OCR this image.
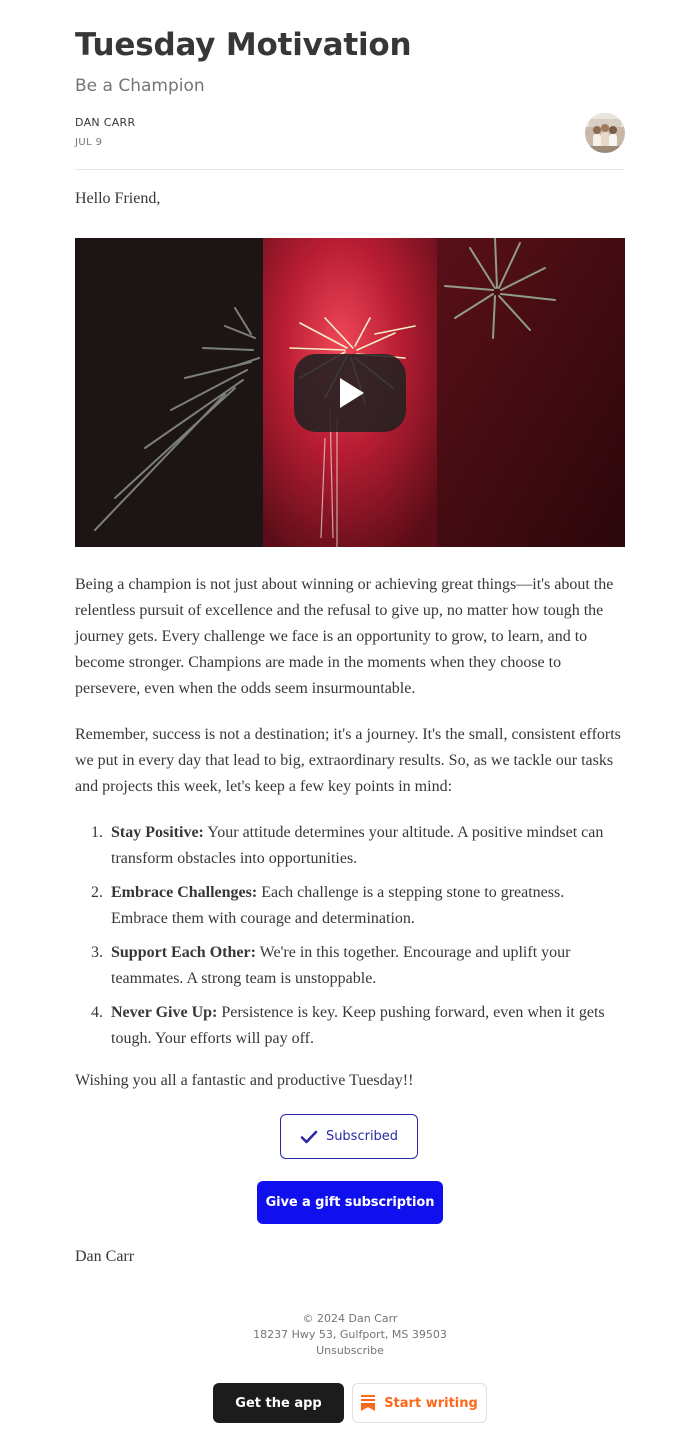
Tuesday Motivation
Be a Champion
DAN CARR
JUL 9
Hello Friend,

Being a champion is not just about winning or achieving great things—it's about the relentless pursuit of excellence and the refusal to give up, no matter how tough the journey gets. Every challenge we face is an opportunity to grow, to learn, and to become stronger. Champions are made in the moments when they choose to persevere, even when the odds seem insurmountable.

Remember, success is not a destination; it's a journey. It's the small, consistent efforts we put in every day that lead to big, extraordinary results. So, as we tackle our tasks and projects this week, let's keep a few key points in mind:

1. Stay Positive: Your attitude determines your altitude. A positive mindset can transform obstacles into opportunities.
2. Embrace Challenges: Each challenge is a stepping stone to greatness. Embrace them with courage and determination.
3. Support Each Other: We're in this together. Encourage and uplift your teammates. A strong team is unstoppable.
4. Never Give Up: Persistence is key. Keep pushing forward, even when it gets tough. Your efforts will pay off.
Wishing you all a fantastic and productive Tuesday!!
Subscribed
Give a gift subscription
Dan Carr
© 2024 Dan Carr
18237 Hwy 53, Gulfport, MS 39503
Unsubscribe
Get the app	Start writing
